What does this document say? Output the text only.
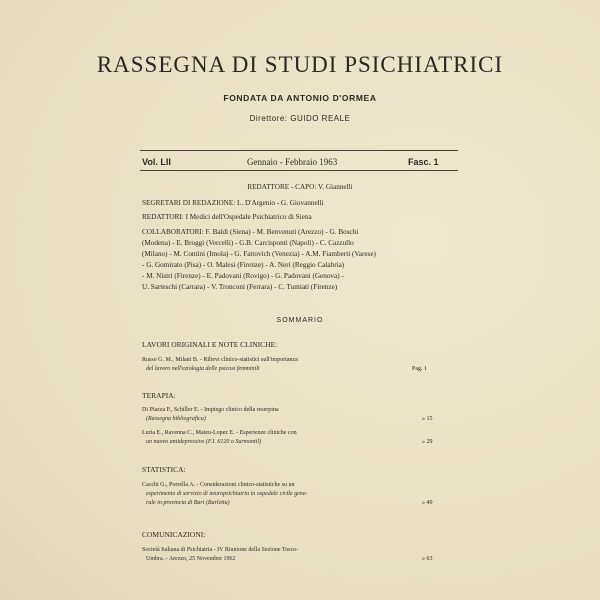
RASSEGNA DI STUDI PSICHIATRICI
FONDATA DA ANTONIO D'ORMEA
Direttore: GUIDO REALE
Vol. LII	Gennaio - Febbraio 1963	Fasc. 1
REDATTORE - CAPO: V. Giannelli
SEGRETARI DI REDAZIONE: L. D'Argenio - G. Giovannelli
REDATTORI: I Medici dell'Ospedale Psichiatrico di Siena
COLLABORATORI: F. Baldi (Siena) - M. Benvenuti (Arezzo) - G. Boschi
(Modena) - E. Broggi (Vercelli) - G.B. Carcisponti (Napoli) - C. Cazzullo
(Milano) - M. Contini (Imola) - G. Fattovich (Venezia) - A.M. Fiamberti (Varese)
- G. Gomirato (Pisa) - O. Malesi (Firenze) - A. Neri (Reggio Calabria)
- M. Nistri (Firenze) - E. Padovani (Rovigo) - G. Padovani (Genova) -
U. Sarteschi (Carrara) - V. Tronconi (Ferrara) - C. Tumiati (Firenze)
SOMMARIO
LAVORI ORIGINALI E NOTE CLINICHE:
Russo G. M., Milani B. - Rilievi clinico-statistici sull'importanza
del lavoro nell'eziologia delle psicosi femminili	Pag. 1
TERAPIA:
Di Piazza P., Schiller E. - Impiego clinico della reserpina
(Rassegna bibliografica)	» 15
Luria E., Ravenna C., Mateu-Lopez E. - Esperienze cliniche con
un nuovo antidepressivo (F.I. 6120 o Surmontil)	» 29
STATISTICA:
Cacchi G., Porrella A. - Considerazioni clinico-statistiche su un
esperimento di servizio di neuropsichiatria in ospedale civile gene-
rale in provincia di Bari (Barletta)	» 49
COMUNICAZIONI:
Società Italiana di Psichiatria - IV Riunione della Sezione Tosco-
Umbra. - Arezzo, 25 Novembre 1962	» 63
